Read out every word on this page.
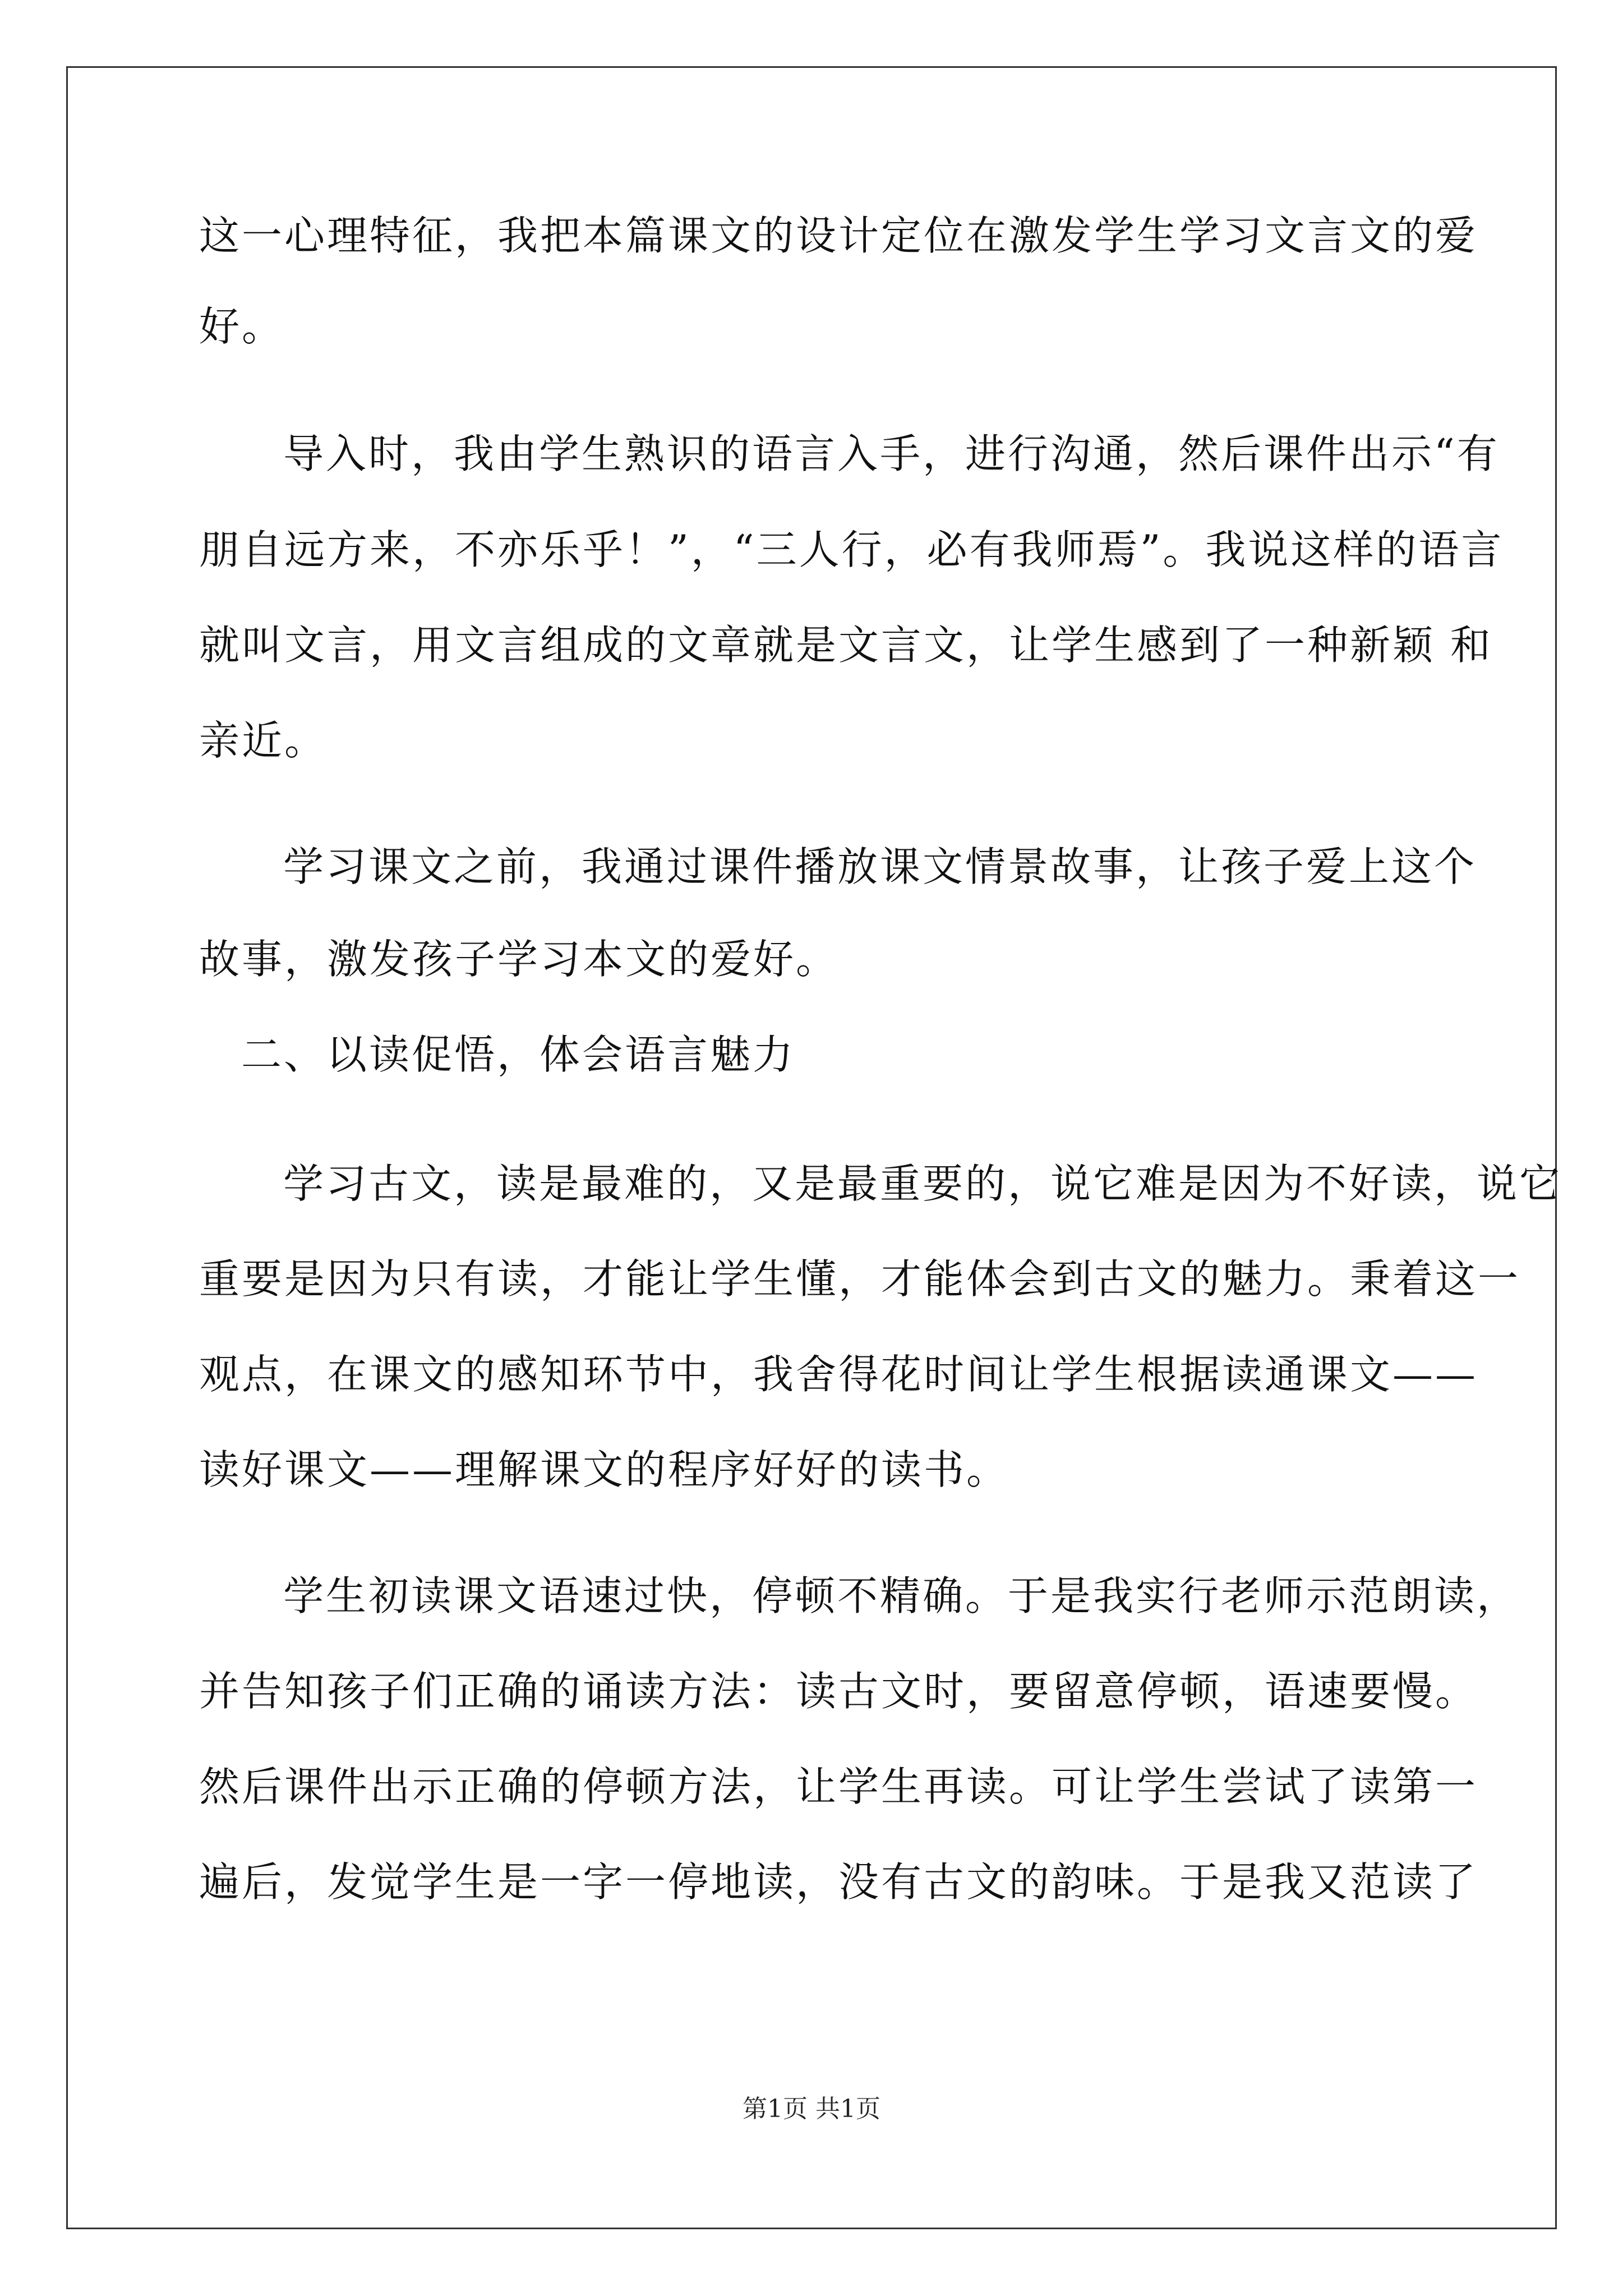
这一心理特征，我把本篇课文的设计定位在激发学生学习文言文的爱
好。
导入时，我由学生熟识的语言入手，进行沟通，然后课件出示“有
朋自远方来，不亦乐乎！”，“三人行，必有我师焉”。我说这样的语言
就叫文言，用文言组成的文章就是文言文，让学生感到了一种新颖 和
亲近。
学习课文之前，我通过课件播放课文情景故事，让孩子爱上这个
故事，激发孩子学习本文的爱好。
二、以读促悟，体会语言魅力
学习古文，读是最难的，又是最重要的，说它难是因为不好读，说它
重要是因为只有读，才能让学生懂，才能体会到古文的魅力。秉着这一
观点，在课文的感知环节中，我舍得花时间让学生根据读通课文——
读好课文——理解课文的程序好好的读书。
学生初读课文语速过快，停顿不精确。于是我实行老师示范朗读，
并告知孩子们正确的诵读方法：读古文时，要留意停顿，语速要慢。
然后课件出示正确的停顿方法，让学生再读。可让学生尝试了读第一
遍后，发觉学生是一字一停地读，没有古文的韵味。于是我又范读了
第1页 共1页
